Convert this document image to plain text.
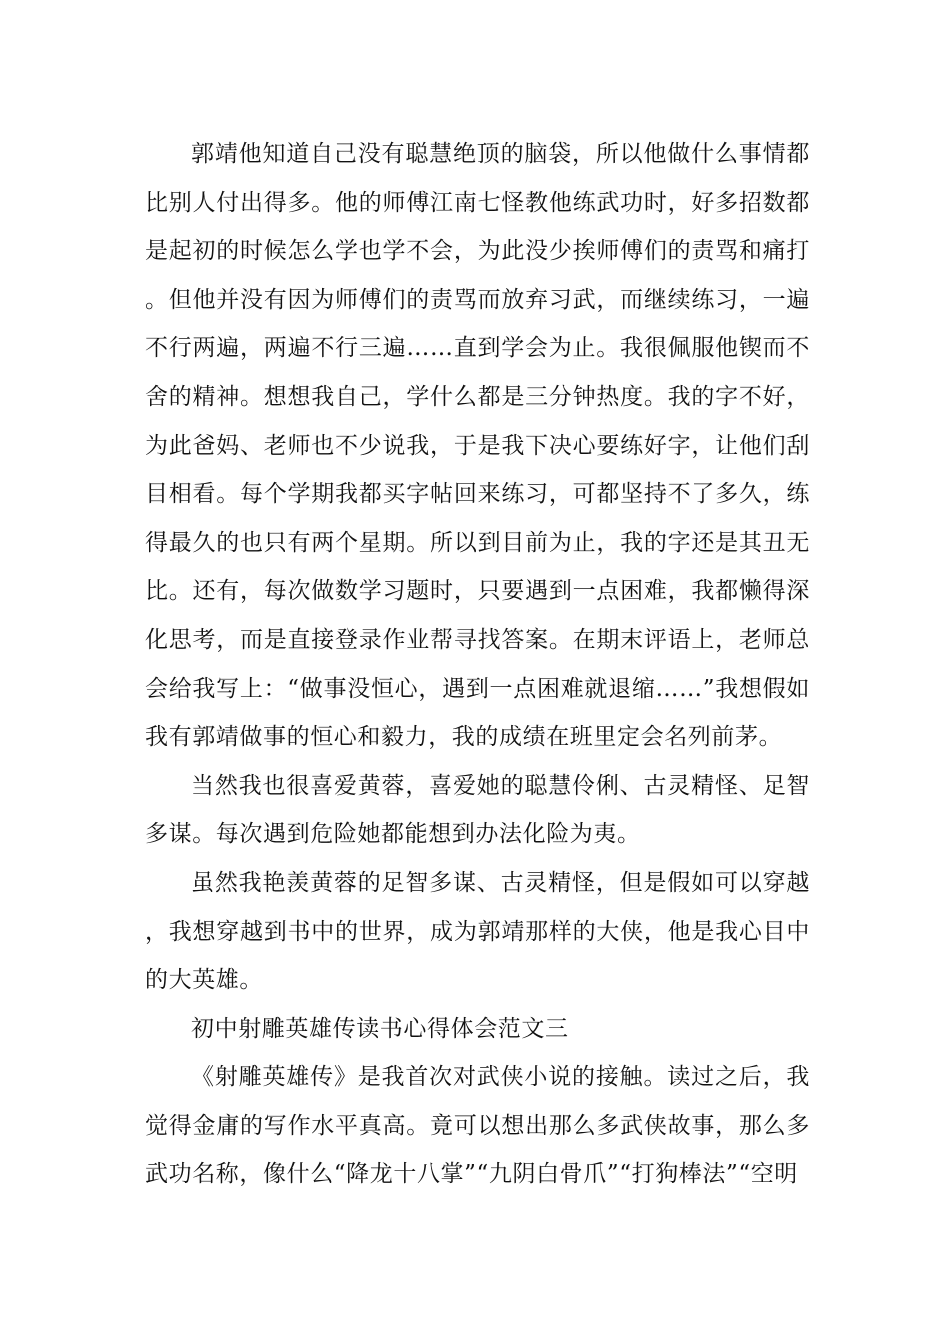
郭靖他知道自己没有聪慧绝顶的脑袋，所以他做什么事情都比别人付出得多。他的师傅江南七怪教他练武功时，好多招数都是起初的时候怎么学也学不会，为此没少挨师傅们的责骂和痛打。但他并没有因为师傅们的责骂而放弃习武，而继续练习，一遍不行两遍，两遍不行三遍……直到学会为止。我很佩服他锲而不舍的精神。想想我自己，学什么都是三分钟热度。我的字不好，为此爸妈、老师也不少说我，于是我下决心要练好字，让他们刮目相看。每个学期我都买字帖回来练习，可都坚持不了多久，练得最久的也只有两个星期。所以到目前为止，我的字还是其丑无比。还有，每次做数学习题时，只要遇到一点困难，我都懒得深化思考，而是直接登录作业帮寻找答案。在期末评语上，老师总会给我写上：“做事没恒心，遇到一点困难就退缩……”我想假如我有郭靖做事的恒心和毅力，我的成绩在班里定会名列前茅。

当然我也很喜爱黄蓉，喜爱她的聪慧伶俐、古灵精怪、足智多谋。每次遇到危险她都能想到办法化险为夷。

虽然我艳羡黄蓉的足智多谋、古灵精怪，但是假如可以穿越，我想穿越到书中的世界，成为郭靖那样的大侠，他是我心目中的大英雄。

初中射雕英雄传读书心得体会范文三

《射雕英雄传》是我首次对武侠小说的接触。读过之后，我觉得金庸的写作水平真高。竟可以想出那么多武侠故事，那么多武功名称，像什么“降龙十八掌”“九阴白骨爪”“打狗棒法”“空明
